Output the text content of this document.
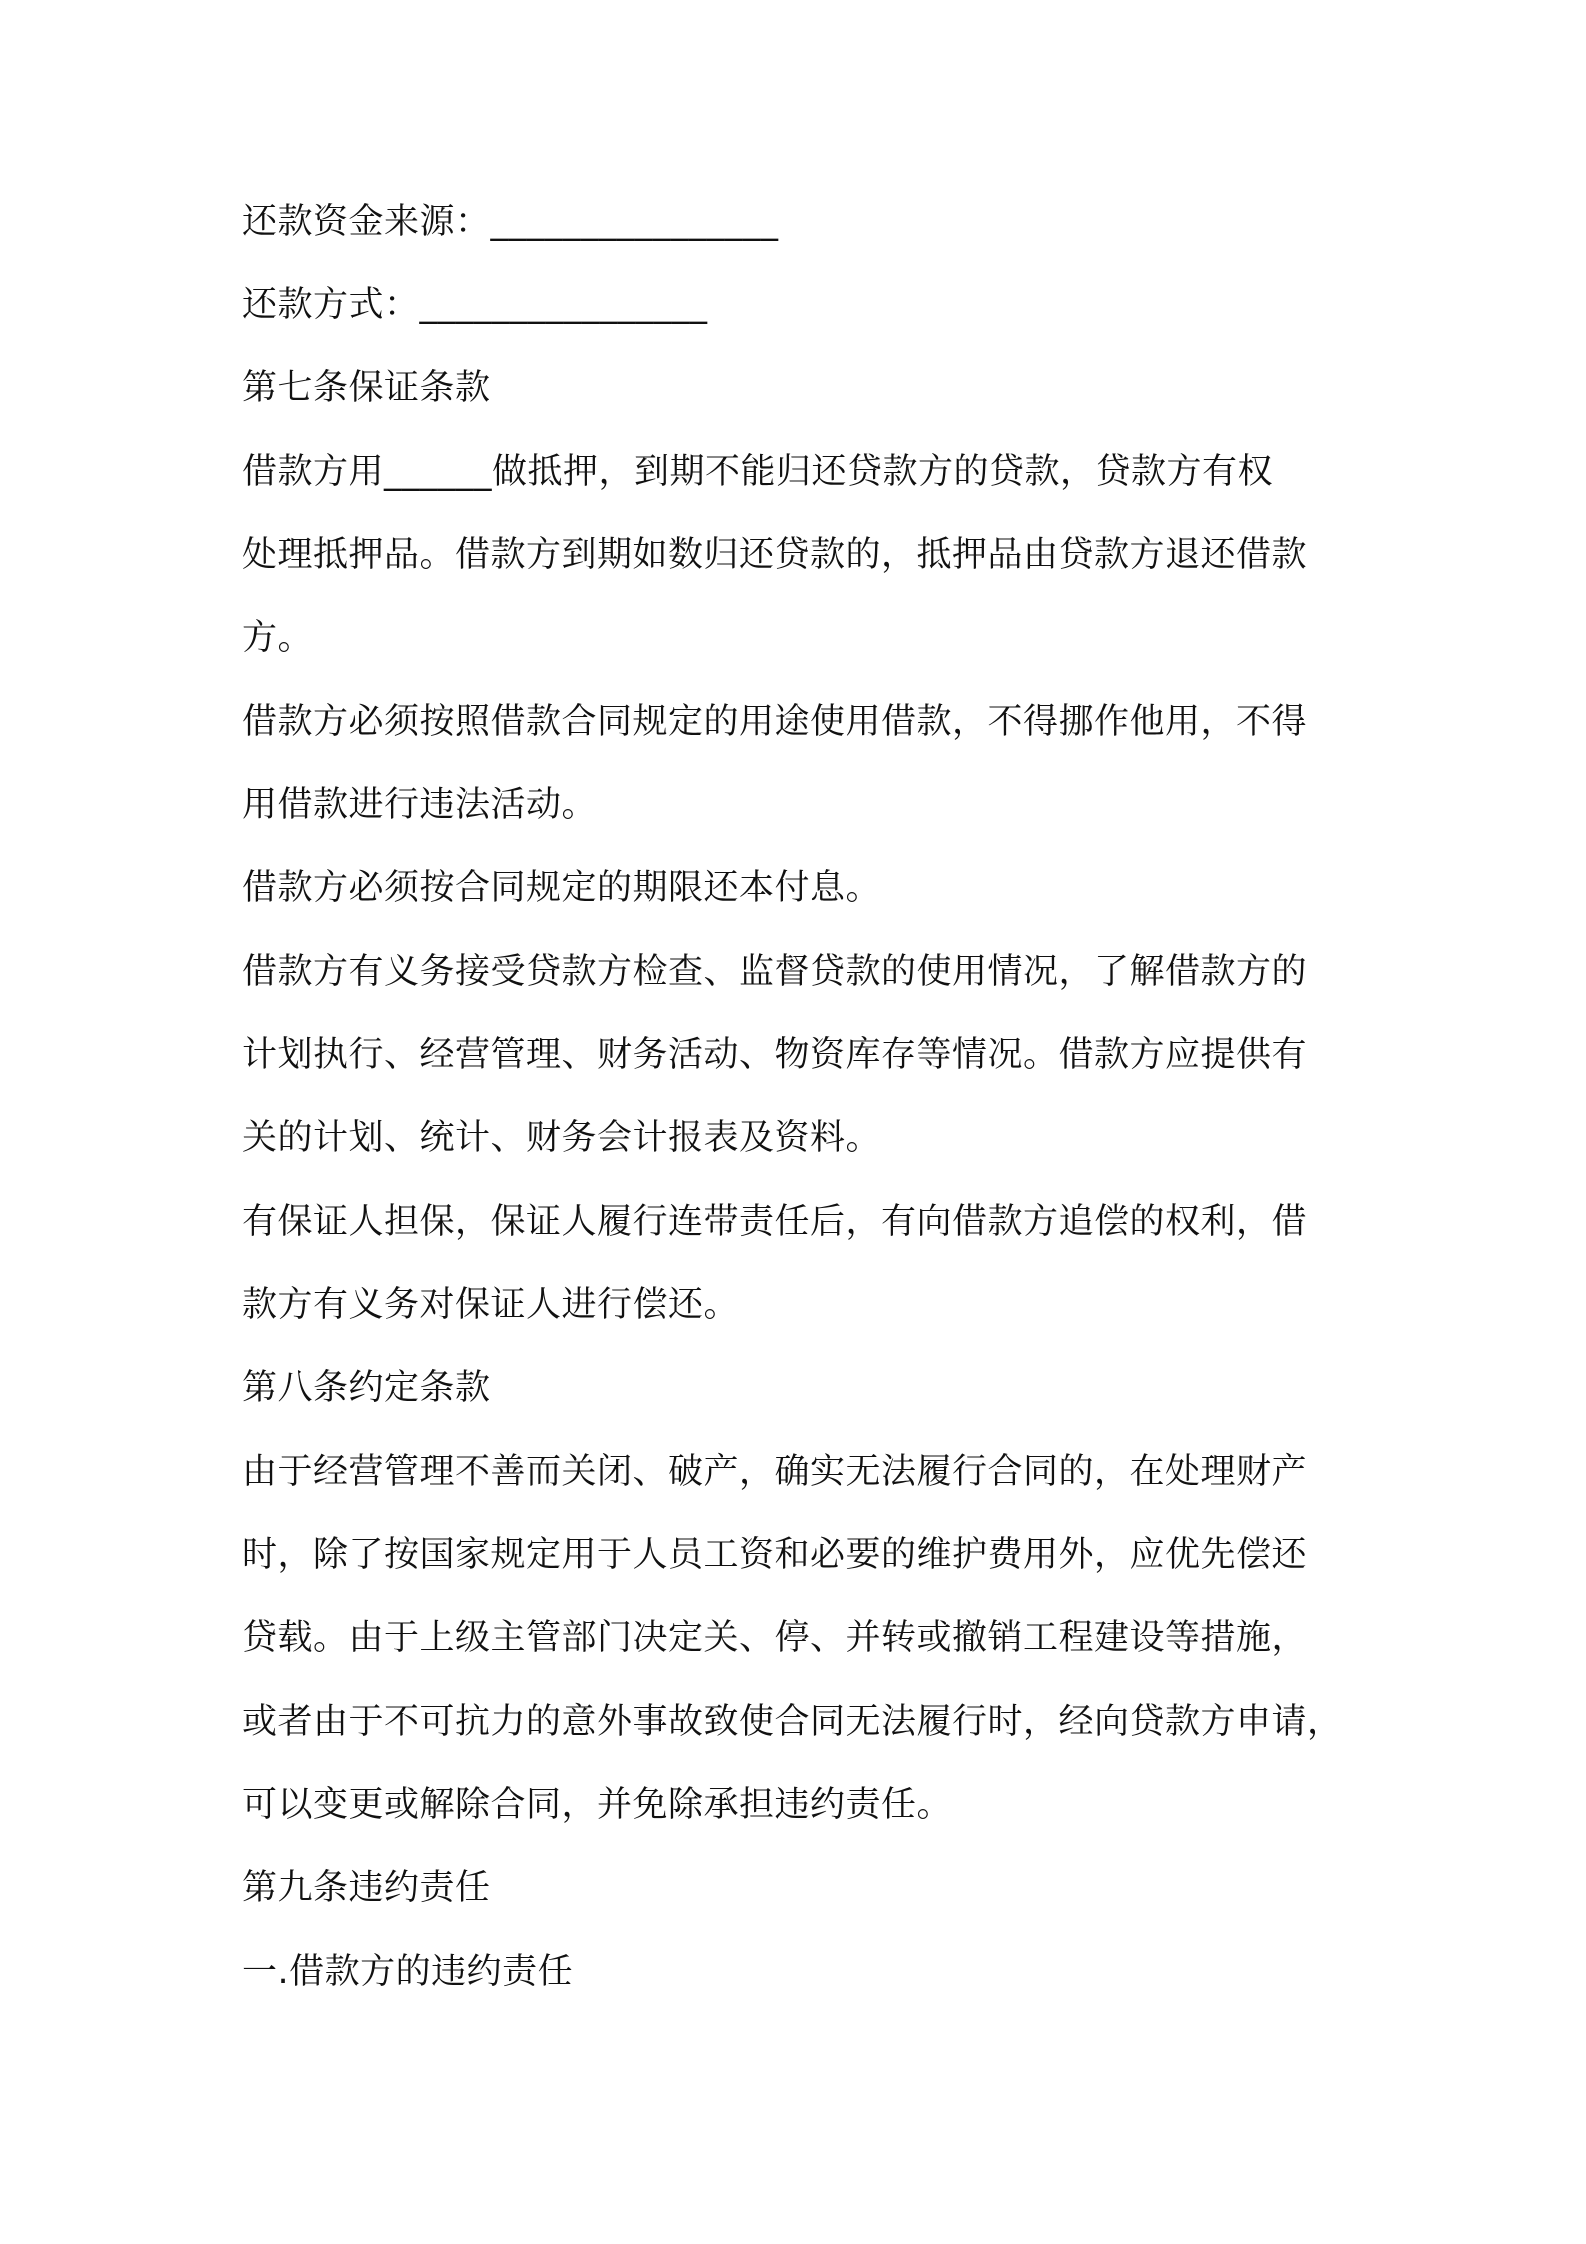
还款资金来源：________________
还款方式：________________
第七条保证条款
借款方用______做抵押，到期不能归还贷款方的贷款，贷款方有权
处理抵押品。借款方到期如数归还贷款的，抵押品由贷款方退还借款
方。
借款方必须按照借款合同规定的用途使用借款，不得挪作他用，不得
用借款进行违法活动。
借款方必须按合同规定的期限还本付息。
借款方有义务接受贷款方检查、监督贷款的使用情况，了解借款方的
计划执行、经营管理、财务活动、物资库存等情况。借款方应提供有
关的计划、统计、财务会计报表及资料。
有保证人担保，保证人履行连带责任后，有向借款方追偿的权利，借
款方有义务对保证人进行偿还。
第八条约定条款
由于经营管理不善而关闭、破产，确实无法履行合同的，在处理财产
时，除了按国家规定用于人员工资和必要的维护费用外，应优先偿还
贷载。由于上级主管部门决定关、停、并转或撤销工程建设等措施，
或者由于不可抗力的意外事故致使合同无法履行时，经向贷款方申请，
可以变更或解除合同，并免除承担违约责任。
第九条违约责任
一.借款方的违约责任
